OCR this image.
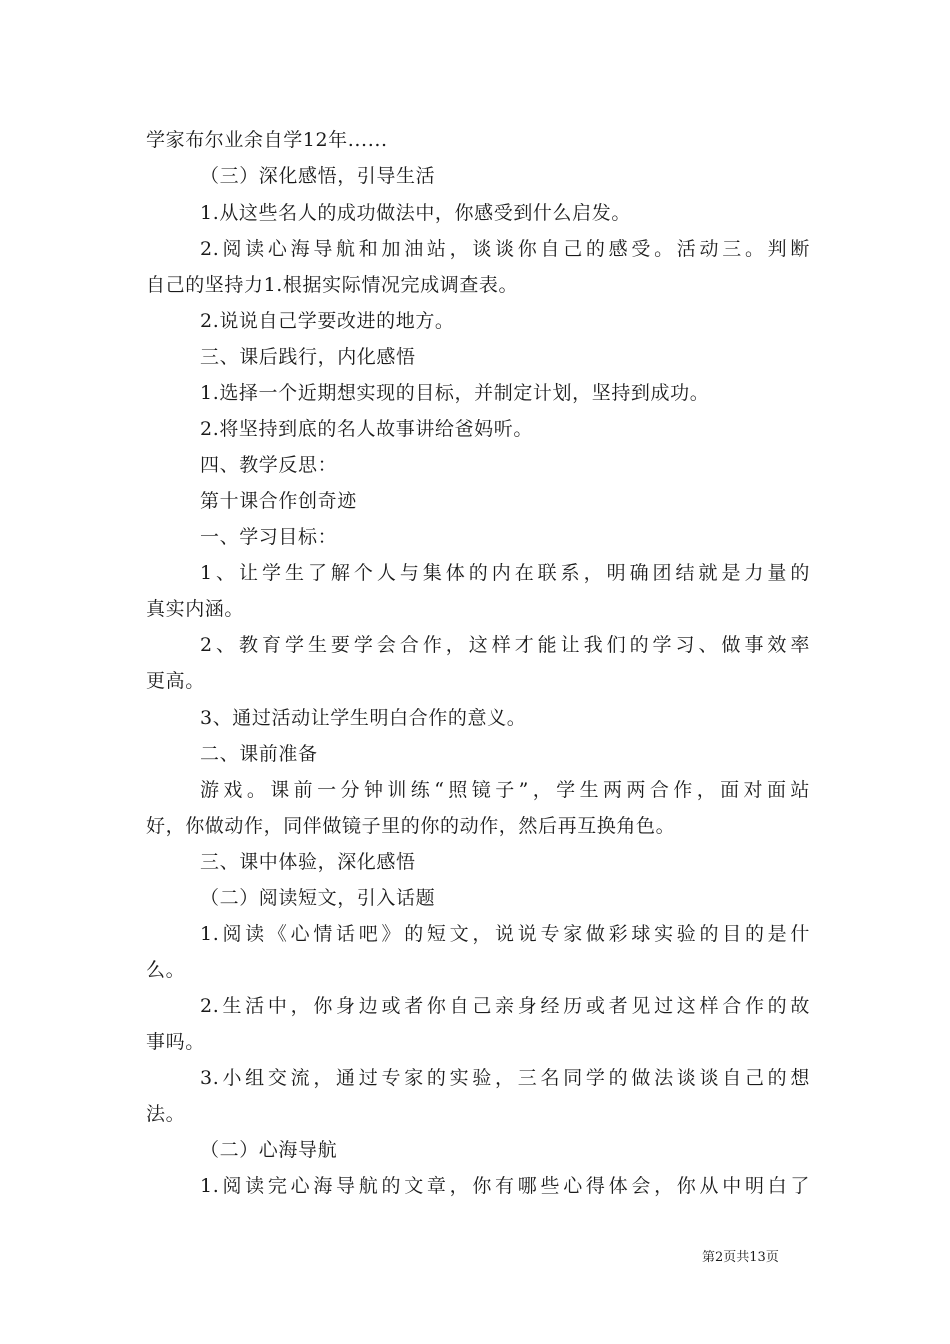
学家布尔业余自学12年......
（三）深化感悟，引导生活
1.从这些名人的成功做法中，你感受到什么启发。
2.阅读心海导航和加油站，谈谈你自己的感受。活动三。判断
自己的坚持力1.根据实际情况完成调查表。
2.说说自己学要改进的地方。
三、课后践行，内化感悟
1.选择一个近期想实现的目标，并制定计划，坚持到成功。
2.将坚持到底的名人故事讲给爸妈听。
四、教学反思：
第十课合作创奇迹
一、学习目标：
1、让学生了解个人与集体的内在联系，明确团结就是力量的
真实内涵。
2、教育学生要学会合作，这样才能让我们的学习、做事效率
更高。
3、通过活动让学生明白合作的意义。
二、课前准备
游戏。课前一分钟训练“照镜子”，学生两两合作，面对面站
好，你做动作，同伴做镜子里的你的动作，然后再互换角色。
三、课中体验，深化感悟
（二）阅读短文，引入话题
1.阅读《心情话吧》的短文，说说专家做彩球实验的目的是什
么。
2.生活中，你身边或者你自己亲身经历或者见过这样合作的故
事吗。
3.小组交流，通过专家的实验，三名同学的做法谈谈自己的想
法。
（二）心海导航
1.阅读完心海导航的文章，你有哪些心得体会，你从中明白了
第2页共13页
